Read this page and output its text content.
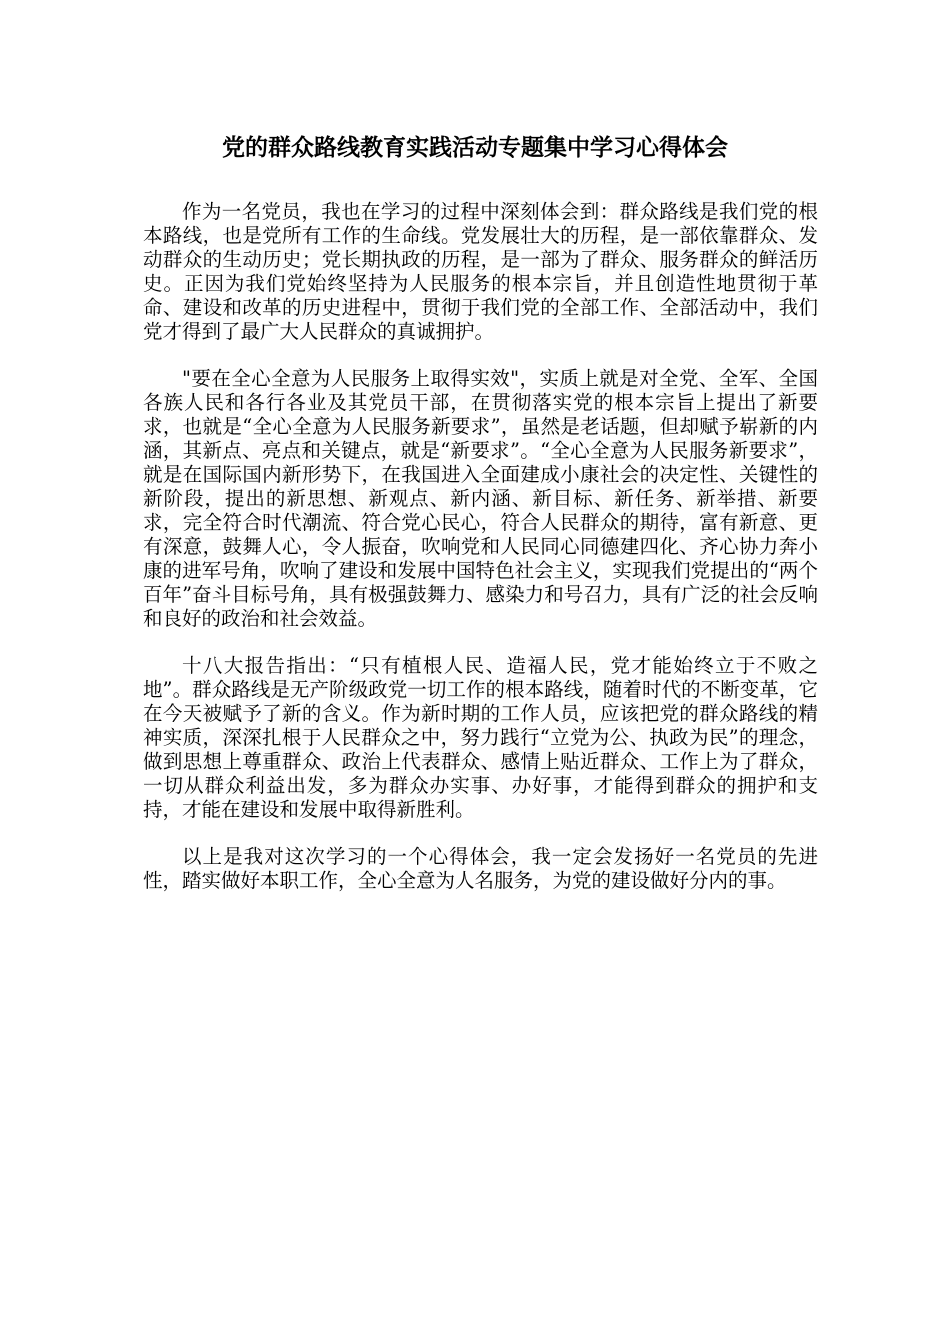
党的群众路线教育实践活动专题集中学习心得体会

作为一名党员，我也在学习的过程中深刻体会到：群众路线是我们党的根本路线，也是党所有工作的生命线。党发展壮大的历程，是一部依靠群众、发动群众的生动历史；党长期执政的历程，是一部为了群众、服务群众的鲜活历史。正因为我们党始终坚持为人民服务的根本宗旨，并且创造性地贯彻于革命、建设和改革的历史进程中，贯彻于我们党的全部工作、全部活动中，我们党才得到了最广大人民群众的真诚拥护。

"要在全心全意为人民服务上取得实效"，实质上就是对全党、全军、全国各族人民和各行各业及其党员干部，在贯彻落实党的根本宗旨上提出了新要求，也就是“全心全意为人民服务新要求”，虽然是老话题，但却赋予崭新的内涵，其新点、亮点和关键点，就是“新要求”。“全心全意为人民服务新要求”，就是在国际国内新形势下，在我国进入全面建成小康社会的决定性、关键性的新阶段，提出的新思想、新观点、新内涵、新目标、新任务、新举措、新要求，完全符合时代潮流、符合党心民心，符合人民群众的期待，富有新意、更有深意，鼓舞人心，令人振奋，吹响党和人民同心同德建四化、齐心协力奔小康的进军号角，吹响了建设和发展中国特色社会主义，实现我们党提出的“两个百年”奋斗目标号角，具有极强鼓舞力、感染力和号召力，具有广泛的社会反响和良好的政治和社会效益。

十八大报告指出：“只有植根人民、造福人民，党才能始终立于不败之地”。群众路线是无产阶级政党一切工作的根本路线，随着时代的不断变革，它在今天被赋予了新的含义。作为新时期的工作人员，应该把党的群众路线的精神实质，深深扎根于人民群众之中，努力践行“立党为公、执政为民”的理念，做到思想上尊重群众、政治上代表群众、感情上贴近群众、工作上为了群众，一切从群众利益出发，多为群众办实事、办好事，才能得到群众的拥护和支持，才能在建设和发展中取得新胜利。

以上是我对这次学习的一个心得体会，我一定会发扬好一名党员的先进性，踏实做好本职工作，全心全意为人名服务，为党的建设做好分内的事。
